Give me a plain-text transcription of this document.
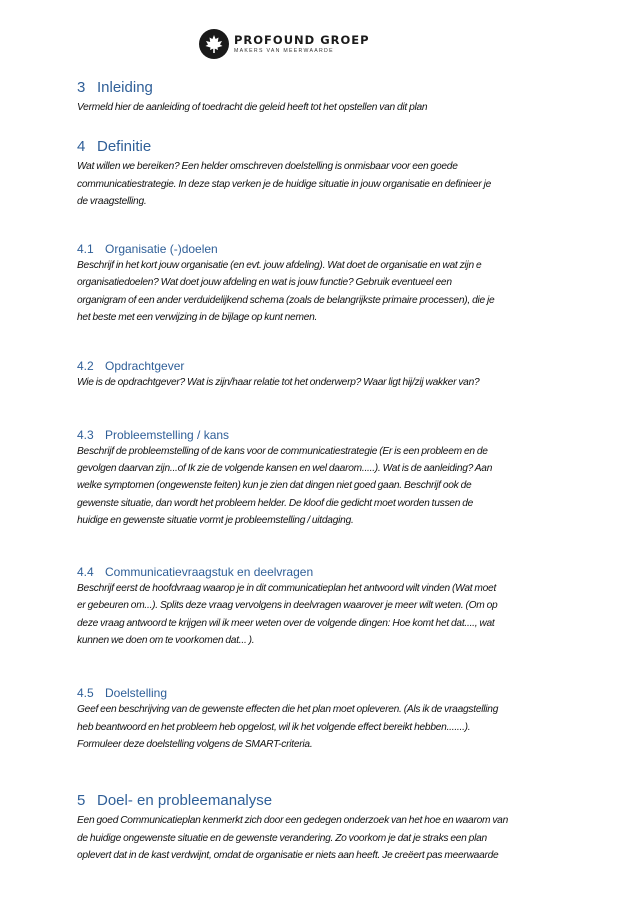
PROFOUND GROEP
MAKERS VAN MEERWAARDE
3 Inleiding

Vermeld hier de aanleiding of toedracht die geleid heeft tot het opstellen van dit plan

4 Definitie

Wat willen we bereiken? Een helder omschreven doelstelling is onmisbaar voor een goede
communicatiestrategie. In deze stap verken je de huidige situatie in jouw organisatie en definieer je
de vraagstelling.

4.1 Organisatie (-)doelen

Beschrijf in het kort jouw organisatie (en evt. jouw afdeling). Wat doet de organisatie en wat zijn e
organisatiedoelen? Wat doet jouw afdeling en wat is jouw functie? Gebruik eventueel een
organigram of een ander verduidelijkend schema (zoals de belangrijkste primaire processen), die je
het beste met een verwijzing in de bijlage op kunt nemen.

4.2 Opdrachtgever

Wie is de opdrachtgever? Wat is zijn/haar relatie tot het onderwerp? Waar ligt hij/zij wakker van?

4.3 Probleemstelling / kans

Beschrijf de probleemstelling of de kans voor de communicatiestrategie (Er is een probleem en de
gevolgen daarvan zijn...of Ik zie de volgende kansen en wel daarom.....). Wat is de aanleiding? Aan
welke symptomen (ongewenste feiten) kun je zien dat dingen niet goed gaan. Beschrijf ook de
gewenste situatie, dan wordt het probleem helder. De kloof die gedicht moet worden tussen de
huidige en gewenste situatie vormt je probleemstelling / uitdaging.

4.4 Communicatievraagstuk en deelvragen

Beschrijf eerst de hoofdvraag waarop je in dit communicatieplan het antwoord wilt vinden (Wat moet
er gebeuren om...). Splits deze vraag vervolgens in deelvragen waarover je meer wilt weten. (Om op
deze vraag antwoord te krijgen wil ik meer weten over de volgende dingen: Hoe komt het dat...., wat
kunnen we doen om te voorkomen dat... ).

4.5 Doelstelling

Geef een beschrijving van de gewenste effecten die het plan moet opleveren. (Als ik de vraagstelling
heb beantwoord en het probleem heb opgelost, wil ik het volgende effect bereikt hebben.......).
Formuleer deze doelstelling volgens de SMART-criteria.

5 Doel- en probleemanalyse

Een goed Communicatieplan kenmerkt zich door een gedegen onderzoek van het hoe en waarom van
de huidige ongewenste situatie en de gewenste verandering. Zo voorkom je dat je straks een plan
oplevert dat in de kast verdwijnt, omdat de organisatie er niets aan heeft. Je creëert pas meerwaarde
